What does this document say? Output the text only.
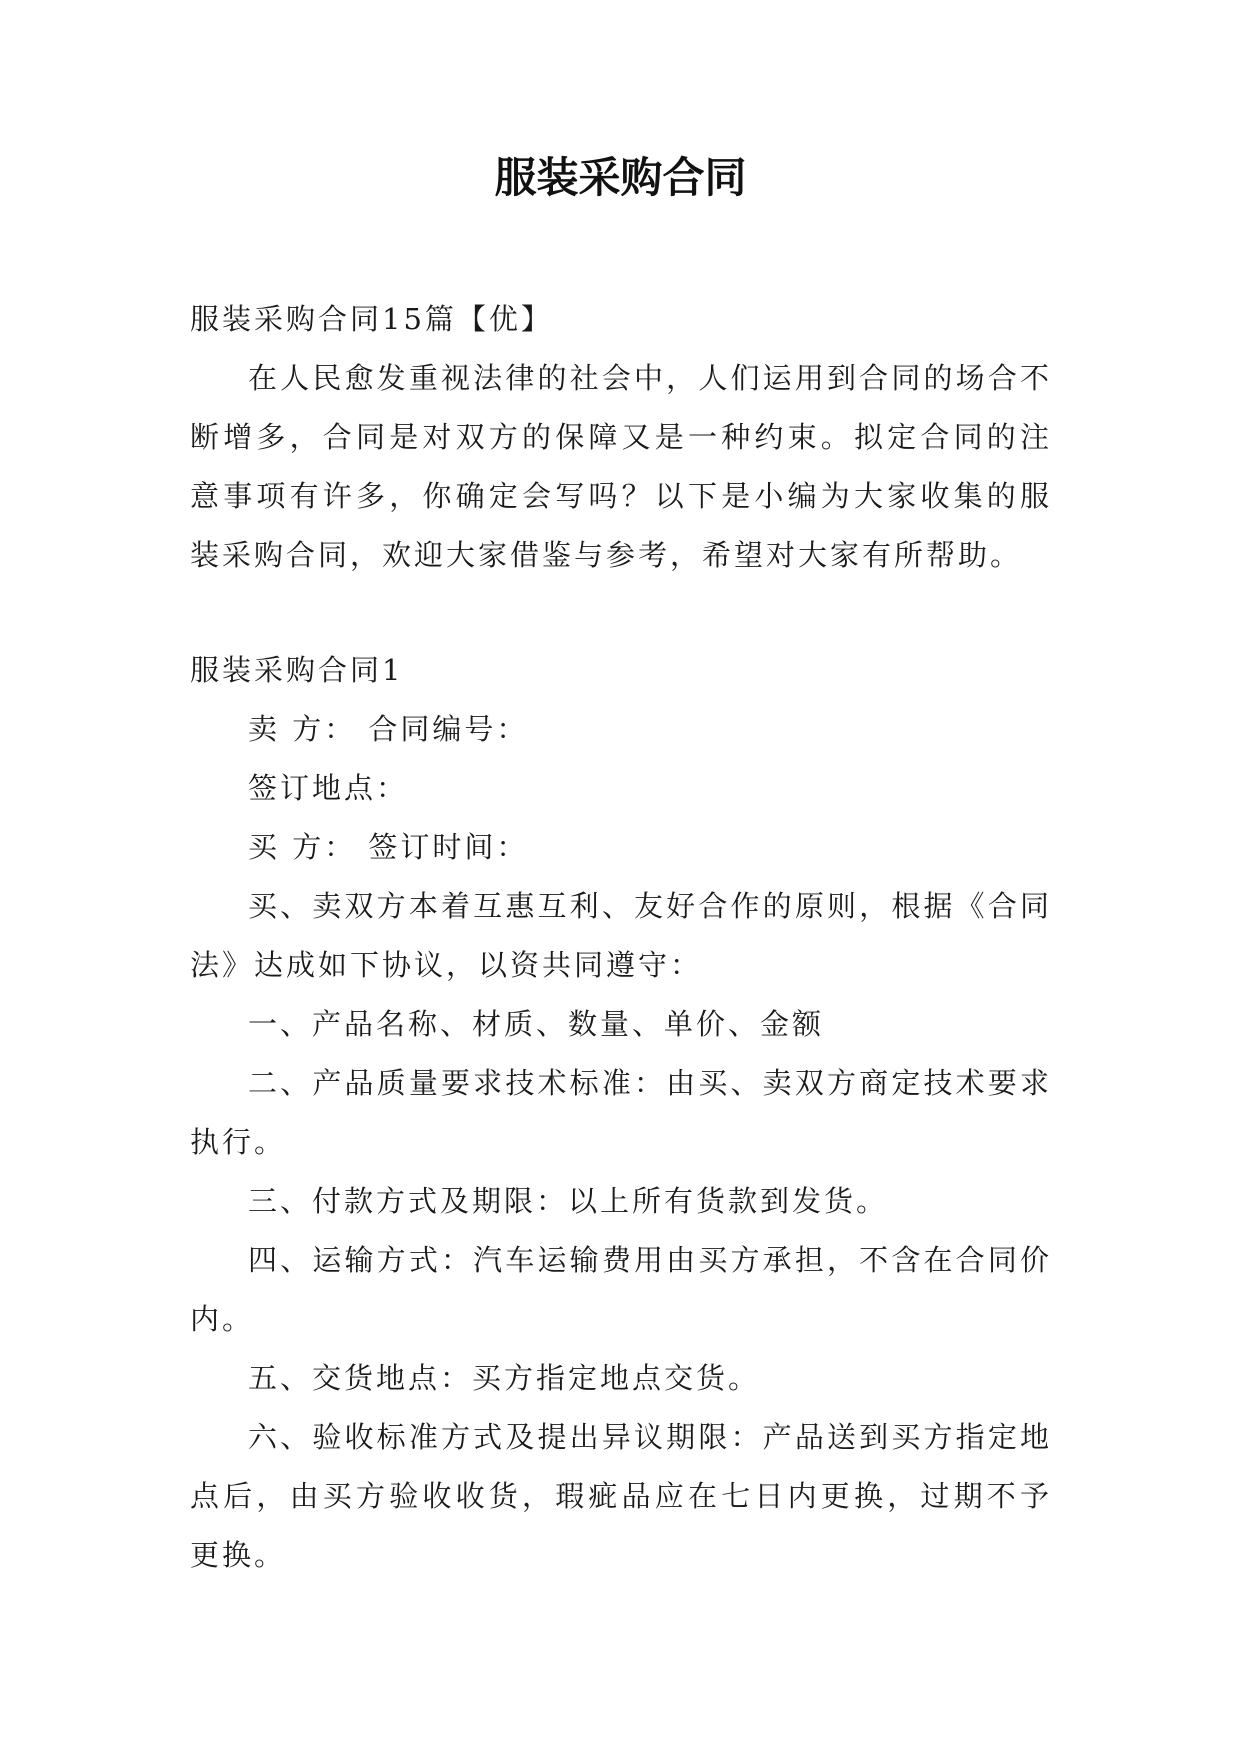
服装采购合同

服装采购合同15篇【优】

在人民愈发重视法律的社会中，人们运用到合同的场合不断增多，合同是对双方的保障又是一种约束。拟定合同的注意事项有许多，你确定会写吗？以下是小编为大家收集的服装采购合同，欢迎大家借鉴与参考，希望对大家有所帮助。

服装采购合同1

卖 方： 合同编号：

签订地点：

买 方： 签订时间：

买、卖双方本着互惠互利、友好合作的原则，根据《合同法》达成如下协议，以资共同遵守：

一、产品名称、材质、数量、单价、金额

二、产品质量要求技术标准：由买、卖双方商定技术要求执行。

三、付款方式及期限：以上所有货款到发货。

四、运输方式：汽车运输费用由买方承担，不含在合同价内。

五、交货地点：买方指定地点交货。

六、验收标准方式及提出异议期限：产品送到买方指定地点后，由买方验收收货，瑕疵品应在七日内更换，过期不予更换。
